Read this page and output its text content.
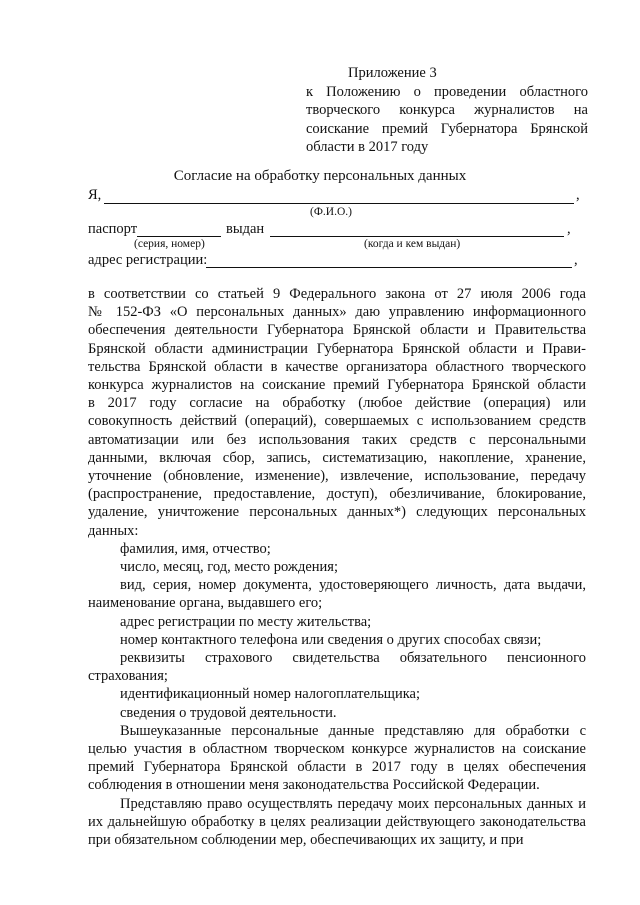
Приложение 3
к Положению о проведении областного
творческого конкурса журналистов на
соискание премий Губернатора Брянской
области в 2017 году
Согласие на обработку персональных данных
Я,	,
(Ф.И.О.)
паспорт	выдан	,
(серия, номер)	(когда и кем выдан)
адрес регистрации:	,

в соответствии со статьей 9 Федерального закона от 27 июля 2006 года

№ 152-ФЗ «О персональных данных» даю управлению информационного

обеспечения деятельности Губернатора Брянской области и Правительства

Брянской области администрации Губернатора Брянской области и Прави-

тельства Брянской области в качестве организатора областного творческого

конкурса журналистов на соискание премий Губернатора Брянской области

в 2017 году согласие на обработку (любое действие (операция) или

совокупность действий (операций), совершаемых с использованием средств

автоматизации или без использования таких средств с персональными

данными, включая сбор, запись, систематизацию, накопление, хранение,

уточнение (обновление, изменение), извлечение, использование, передачу

(распространение, предоставление, доступ), обезличивание, блокирование,

удаление, уничтожение персональных данных*) следующих персональных

данных:

фамилия, имя, отчество;

число, месяц, год, место рождения;

вид, серия, номер документа, удостоверяющего личность, дата выдачи, наименование органа, выдавшего его;

адрес регистрации по месту жительства;

номер контактного телефона или сведения о других способах связи;

реквизиты страхового свидетельства обязательного пенсионного страхования;

идентификационный номер налогоплательщика;

сведения о трудовой деятельности.

Вышеуказанные персональные данные представляю для обработки с целью участия в областном творческом конкурсе журналистов на соискание премий Губернатора Брянской области в 2017 году в целях обеспечения соблюдения в отношении меня законодательства Российской Федерации.

Представляю право осуществлять передачу моих персональных данных и их дальнейшую обработку в целях реализации действующего законодательства при обязательном соблюдении мер, обеспечивающих их защиту, и при
